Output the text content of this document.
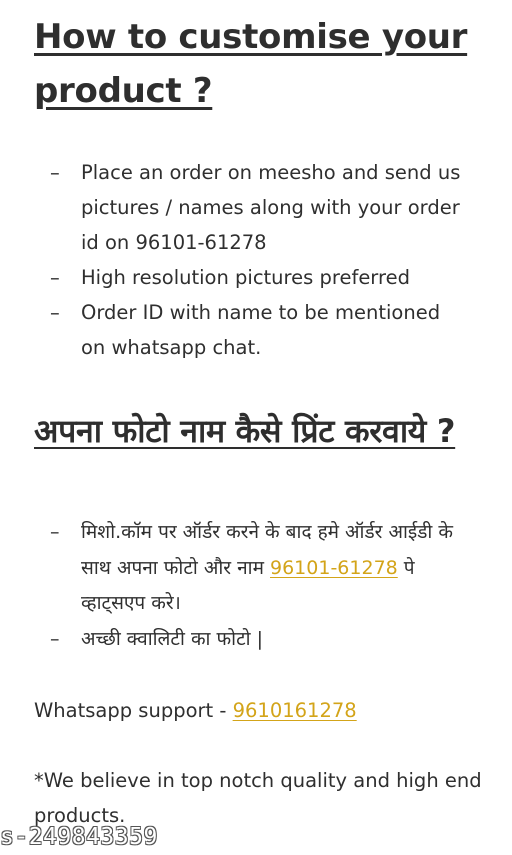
How to customise your product ?
– Place an order on meesho and send us pictures / names along with your order id on 96101-61278
– High resolution pictures preferred
– Order ID with name to be mentioned on whatsapp chat.
अपना फोटो नाम कैसे प्रिंट करवाये ?
– मिशो.कॉम पर ऑर्डर करने के बाद हमे ऑर्डर आईडी के साथ अपना फोटो और नाम 96101-61278 पे व्हाट्सएप करे।
– अच्छी क्वालिटी का फोटो |
Whatsapp support - 9610161278
*We believe in top notch quality and high end products.
s-249843359
